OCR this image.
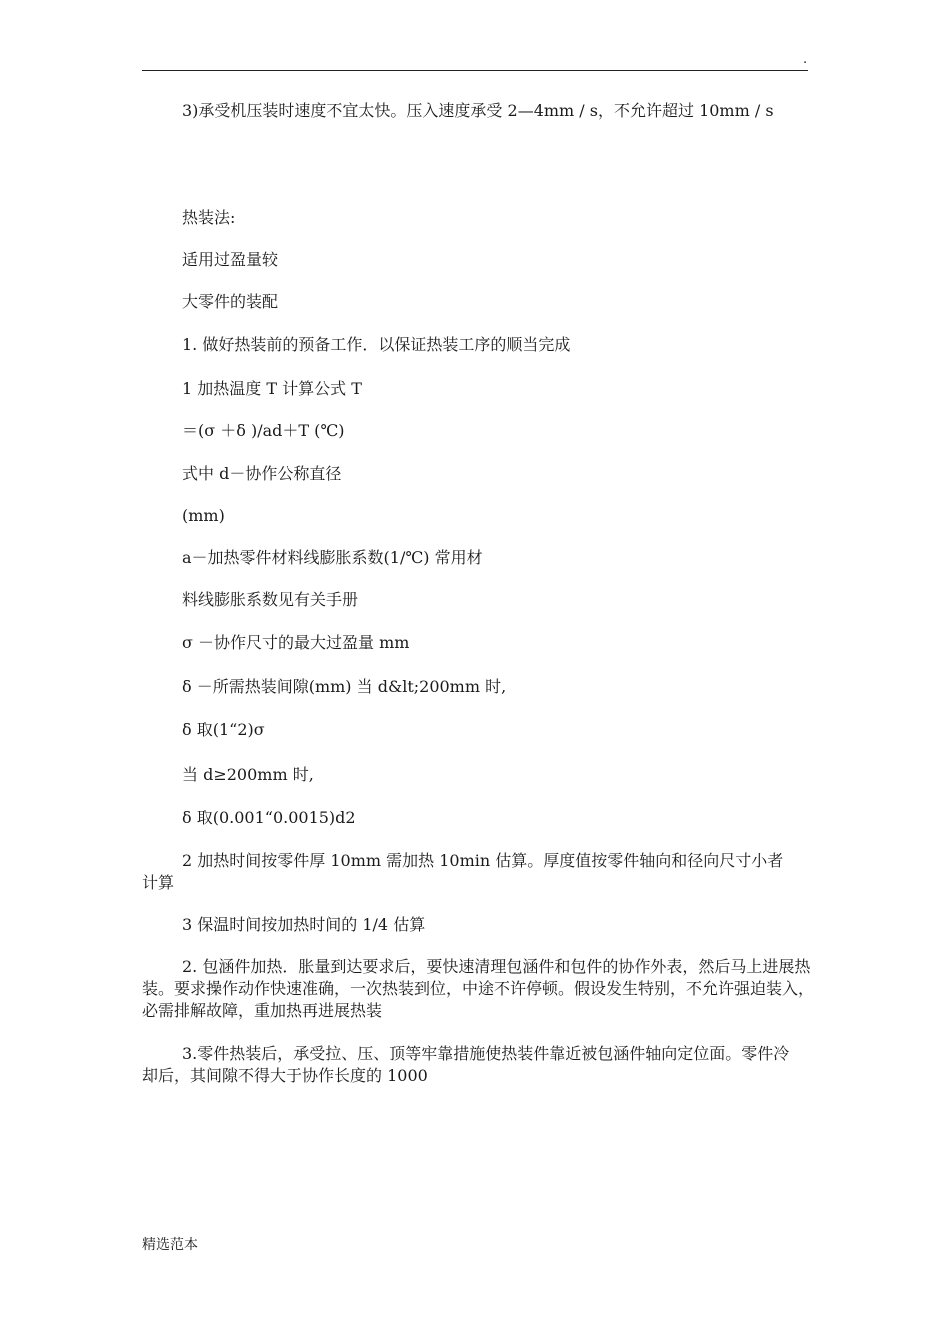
.
3)承受机压装时速度不宜太快。压入速度承受 2—4mm / s，不允许超过 10mm / s
热装法:
适用过盈量较
大零件的装配
1. 做好热装前的预备工作．以保证热装工序的顺当完成
1 加热温度 T 计算公式 T
＝(σ ＋δ )/ad＋T (℃)
式中 d－协作公称直径
(mm)
a－加热零件材料线膨胀系数(1/℃) 常用材
料线膨胀系数见有关手册
σ －协作尺寸的最大过盈量 mm
δ －所需热装间隙(mm) 当 d&lt;200mm 时,
δ 取(1“2)σ
当 d≥200mm 时,
δ 取(0.001“0.0015)d2
2 加热时间按零件厚 10mm 需加热 10min 估算。厚度值按零件轴向和径向尺寸小者计算
3 保温时间按加热时间的 1/4 估算
2. 包涵件加热．胀量到达要求后，要快速清理包涵件和包件的协作外表，然后马上进展热装。要求操作动作快速准确，一次热装到位，中途不许停顿。假设发生特别，不允许强迫装入，必需排解故障，重加热再进展热装
3.零件热装后，承受拉、压、顶等牢靠措施使热装件靠近被包涵件轴向定位面。零件冷却后，其间隙不得大于协作长度的 1000
精选范本
